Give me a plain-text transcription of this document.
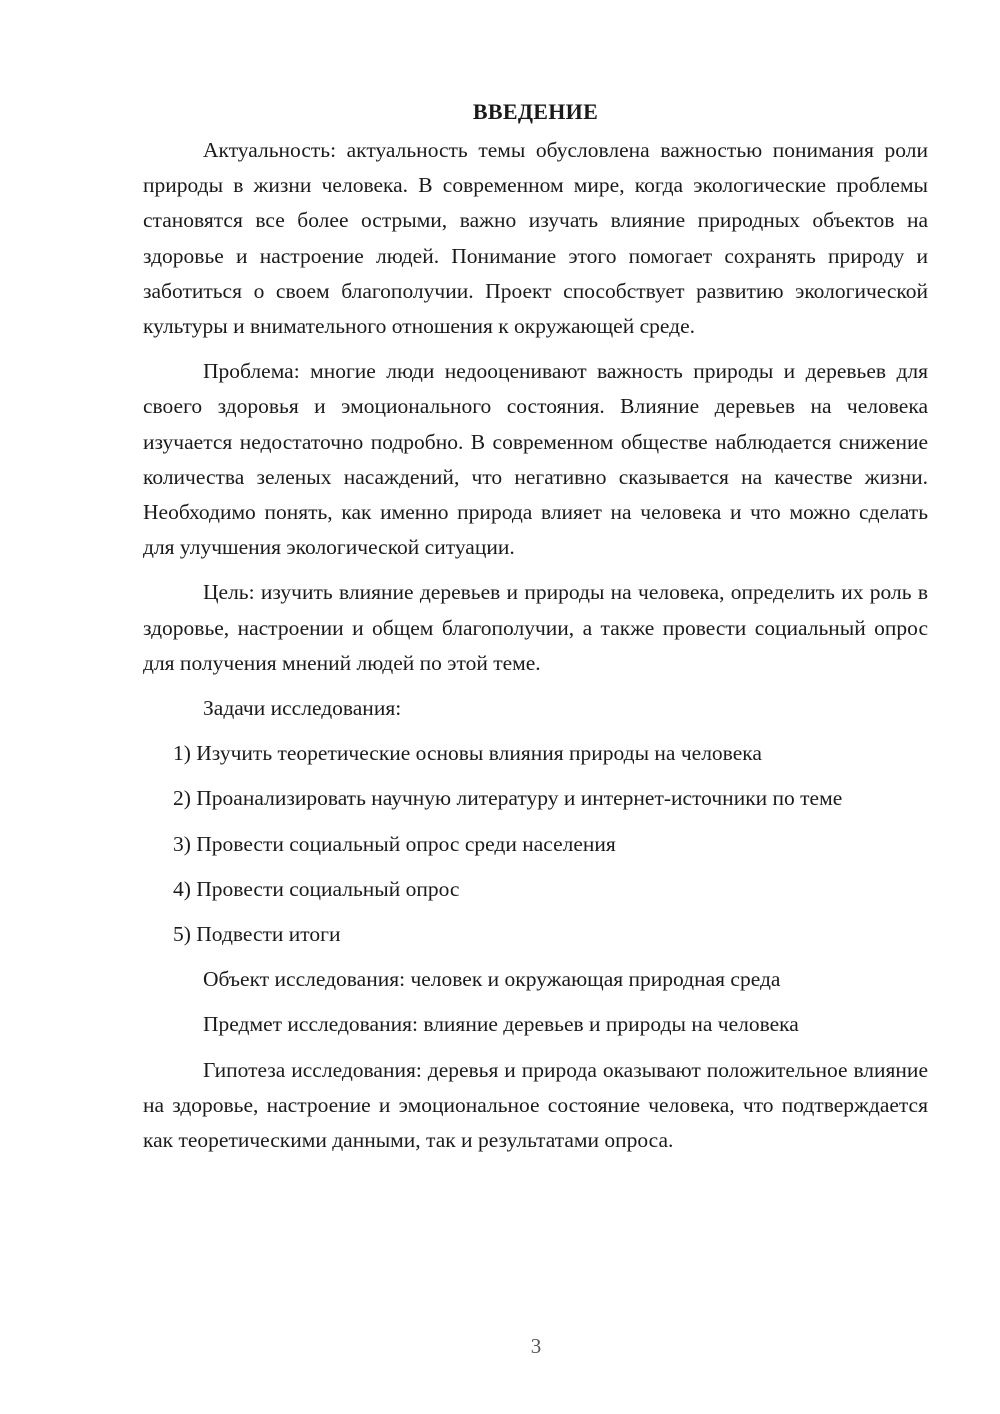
ВВЕДЕНИЕ

Актуальность: актуальность темы обусловлена важностью понимания роли природы в жизни человека. В современном мире, когда экологические проблемы становятся все более острыми, важно изучать влияние природных объектов на здоровье и настроение людей. Понимание этого помогает сохранять природу и заботиться о своем благополучии. Проект способствует развитию экологической культуры и внимательного отношения к окружающей среде.

Проблема: многие люди недооценивают важность природы и деревьев для своего здоровья и эмоционального состояния. Влияние деревьев на человека изучается недостаточно подробно. В современном обществе наблюдается снижение количества зеленых насаждений, что негативно сказывается на качестве жизни. Необходимо понять, как именно природа влияет на человека и что можно сделать для улучшения экологической ситуации.

Цель: изучить влияние деревьев и природы на человека, определить их роль в здоровье, настроении и общем благополучии, а также провести социальный опрос для получения мнений людей по этой теме.

Задачи исследования:

1) Изучить теоретические основы влияния природы на человека

2) Проанализировать научную литературу и интернет-источники по теме

3) Провести социальный опрос среди населения

4) Провести социальный опрос

5) Подвести итоги

Объект исследования: человек и окружающая природная среда

Предмет исследования: влияние деревьев и природы на человека

Гипотеза исследования: деревья и природа оказывают положительное влияние на здоровье, настроение и эмоциональное состояние человека, что подтверждается как теоретическими данными, так и результатами опроса.

3
